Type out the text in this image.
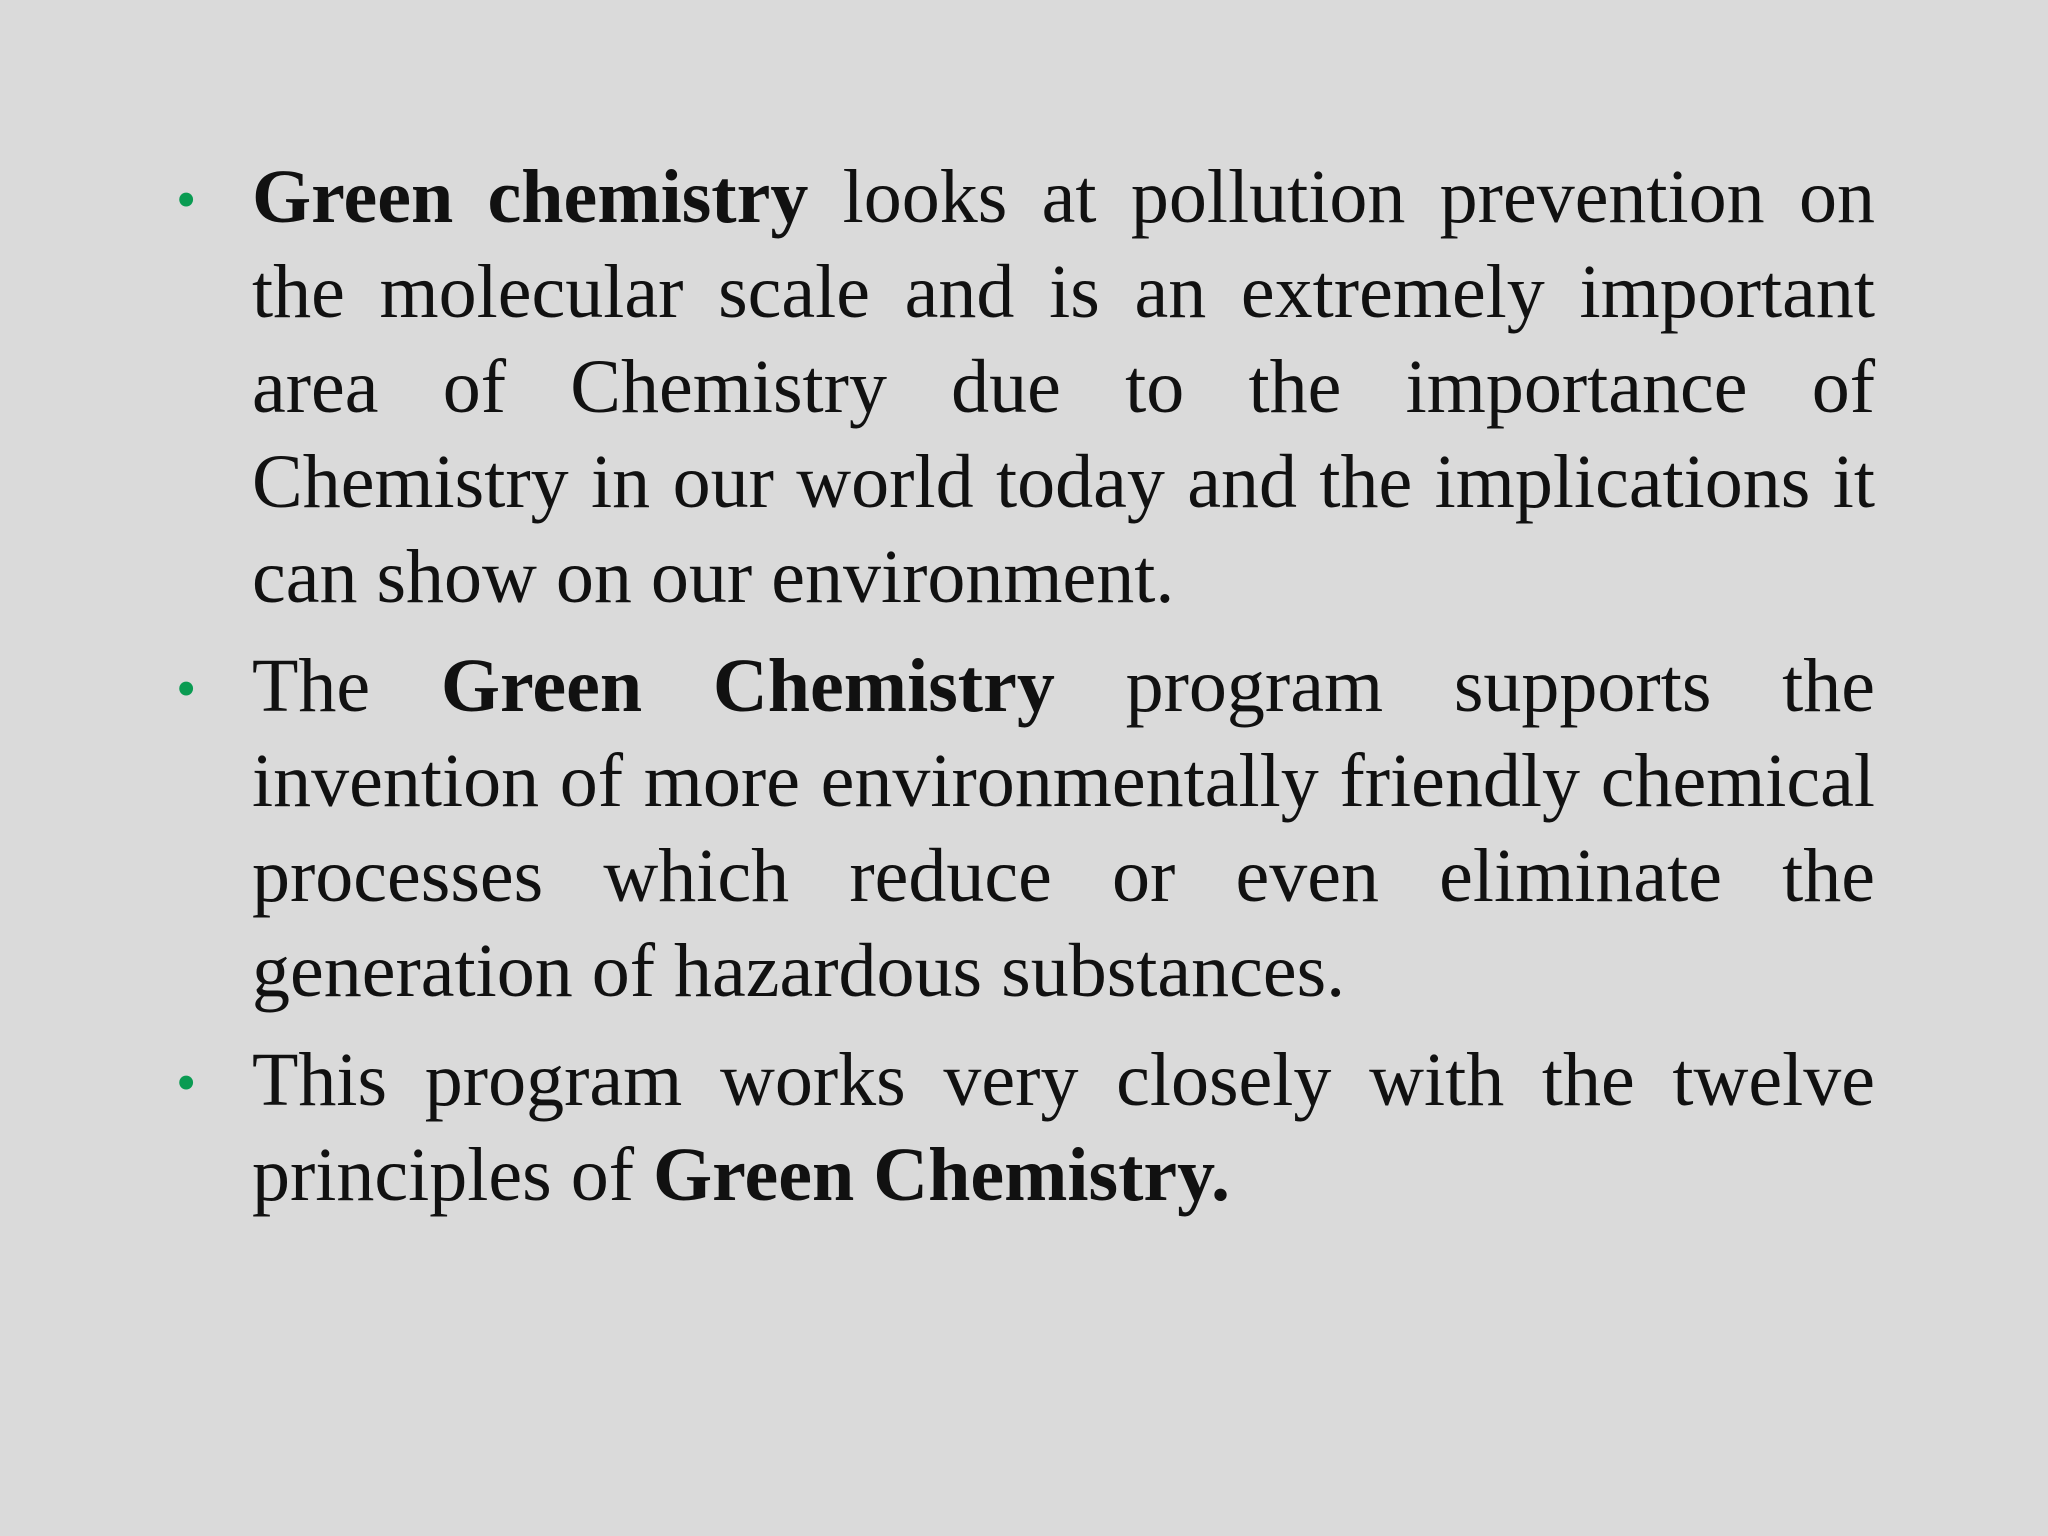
• Green chemistry looks at pollution prevention on the molecular scale and is an extremely important area of Chemistry due to the importance of Chemistry in our world today and the implications it can show on our environment.
• The Green Chemistry program supports the invention of more environmentally friendly chemical processes which reduce or even eliminate the generation of hazardous substances.
• This program works very closely with the twelve principles of Green Chemistry.
